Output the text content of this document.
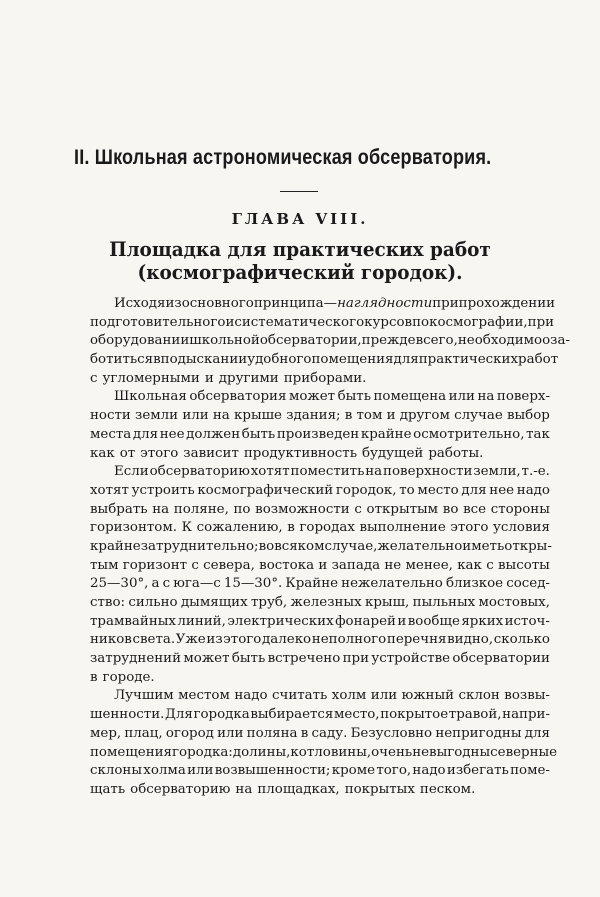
II. Школьная астрономическая обсерватория.
ГЛАВА VIII.
Площадка для практических работ
(космографический городок).
Исходя из основного принципа—наглядности при прохождении
подготовительного и систематического курсов по космографии, при
оборудовании школьной обсерватории, прежде всего, необходимо оза-
ботиться в подыскании удобного помещения для практических работ
с угломерными и другими приборами.
Школьная обсерватория может быть помещена или на поверх-
ности земли или на крыше здания; в том и другом случае выбор
места для нее должен быть произведен крайне осмотрительно, так
как от этого зависит продуктивность будущей работы.
Если обсерваторию хотят поместить на поверхности земли, т.-е.
хотят устроить космографический городок, то место для нее надо
выбрать на поляне, по возможности с открытым во все стороны
горизонтом. К сожалению, в городах выполнение этого условия
крайне затруднительно; во всяком случае, желательно иметь откры-
тым горизонт с севера, востока и запада не менее, как с высоты
25—30°, а с юга—с 15—30°. Крайне нежелательно близкое сосед-
ство: сильно дымящих труб, железных крыш, пыльных мостовых,
трамвайных линий, электрических фонарей и вообще ярких источ-
ников света. Уже из этого далеко неполного перечня видно, сколько
затруднений может быть встречено при устройстве обсерватории
в городе.
Лучшим местом надо считать холм или южный склон возвы-
шенности. Для городка выбирается место, покрытое травой, напри-
мер, плац, огород или поляна в саду. Безусловно непригодны для
помещения городка: долины, котловины, очень невыгодны северные
склоны холма или возвышенности; кроме того, надо избегать поме-
щать обсерваторию на площадках, покрытых песком.
